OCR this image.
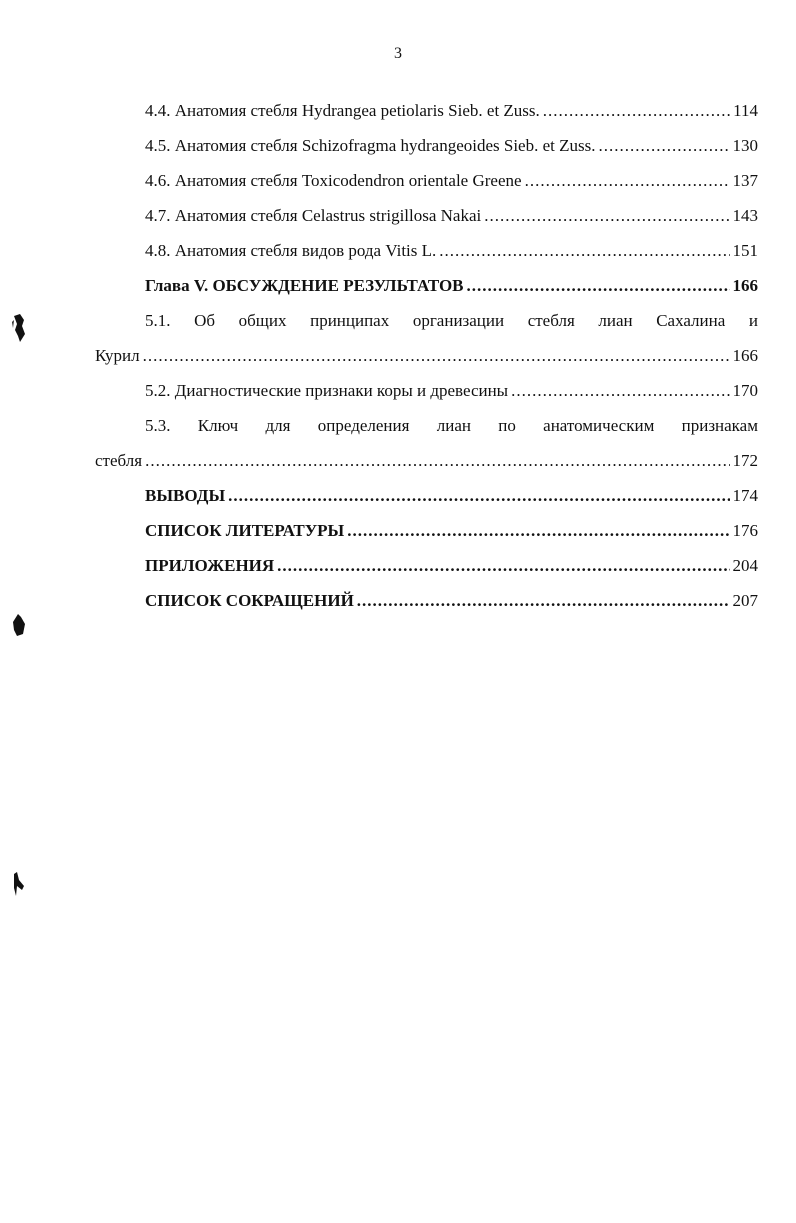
3
4.4. Анатомия стебля Hydrangea petiolaris Sieb. et Zuss. .....	114
4.5. Анатомия стебля Schizofragma hydrangeoides Sieb. et Zuss. .....	130
4.6. Анатомия стебля Toxicodendron orientale Greene .....	137
4.7. Анатомия стебля Celastrus strigillosa Nakai .....	143
4.8. Анатомия стебля видов рода Vitis L. .....	151
Глава V. ОБСУЖДЕНИЕ РЕЗУЛЬТАТОВ .....	166
5.1. Об общих принципах организации стебля лиан Сахалина и
Курил .....	166
5.2. Диагностические признаки коры и древесины .....	170
5.3. Ключ для определения лиан по анатомическим признакам
стебля .....	172
ВЫВОДЫ .....	174
СПИСОК ЛИТЕРАТУРЫ .....	176
ПРИЛОЖЕНИЯ .....	204
СПИСОК СОКРАЩЕНИЙ .....	207
